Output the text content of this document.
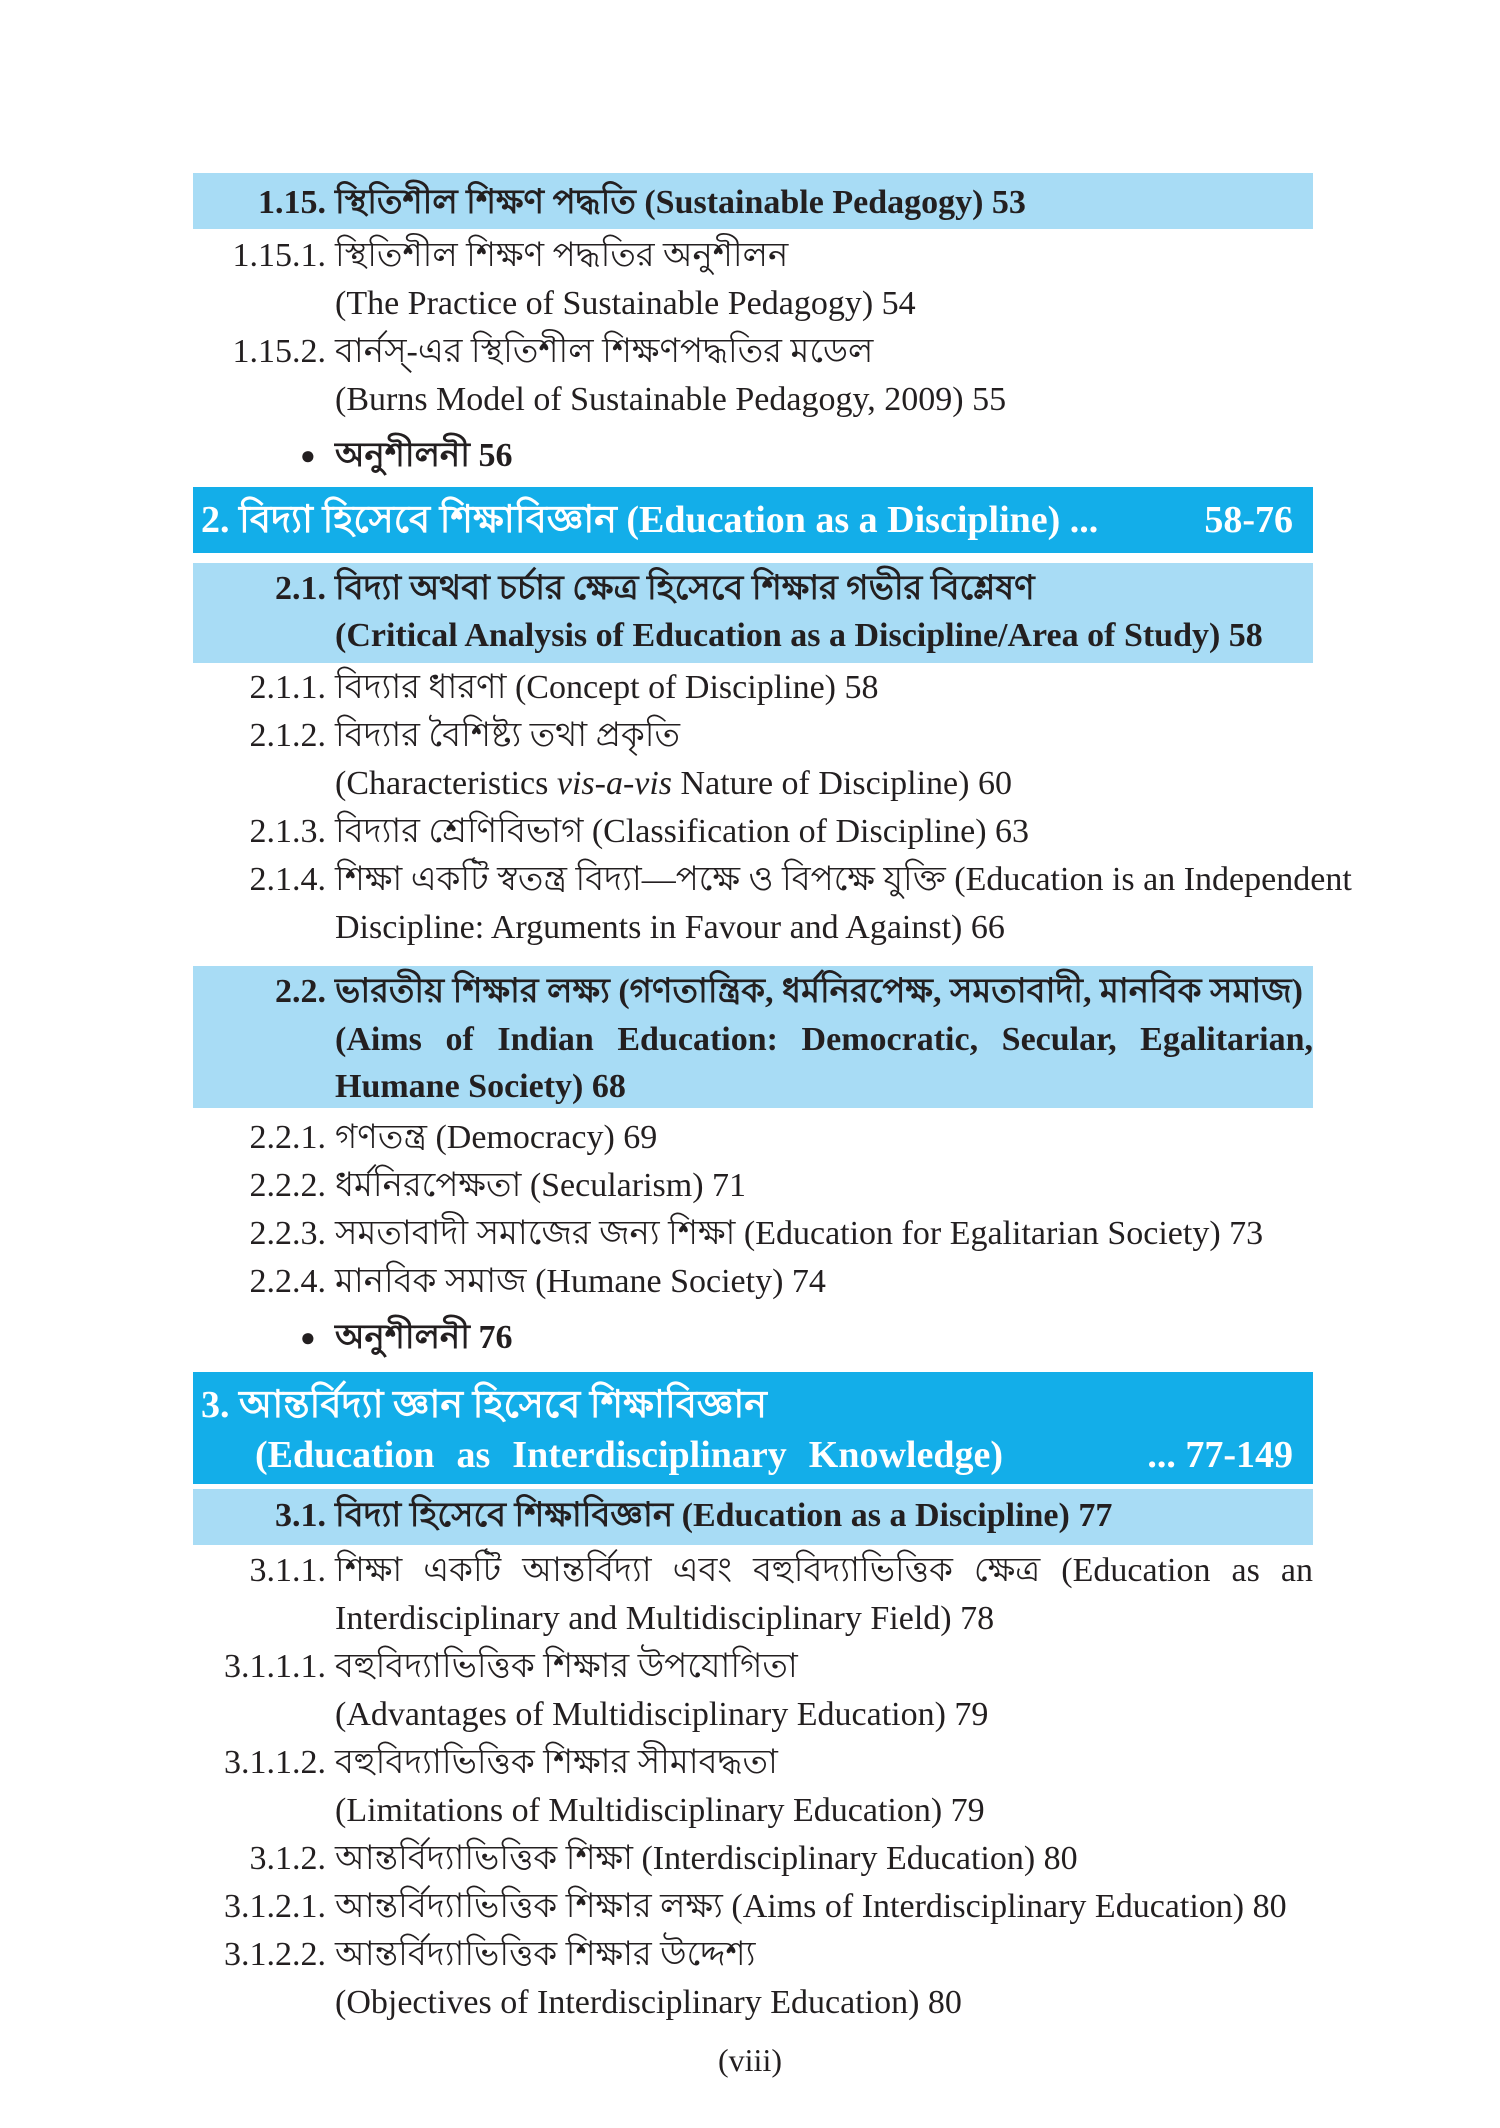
1.15. স্থিতিশীল শিক্ষণ পদ্ধতি (Sustainable Pedagogy) 53
1.15.1. স্থিতিশীল শিক্ষণ পদ্ধতির অনুশীলন
(The Practice of Sustainable Pedagogy) 54
1.15.2. বার্নস্-এর স্থিতিশীল শিক্ষণপদ্ধতির মডেল
(Burns Model of Sustainable Pedagogy, 2009) 55
● অনুশীলনী 56
2. বিদ্যা হিসেবে শিক্ষাবিজ্ঞান (Education as a Discipline) ...	58-76
2.1. বিদ্যা অথবা চর্চার ক্ষেত্র হিসেবে শিক্ষার গভীর বিশ্লেষণ
(Critical Analysis of Education as a Discipline/Area of Study) 58
2.1.1. বিদ্যার ধারণা (Concept of Discipline) 58
2.1.2. বিদ্যার বৈশিষ্ট্য তথা প্রকৃতি
(Characteristics vis-a-vis Nature of Discipline) 60
2.1.3. বিদ্যার শ্রেণিবিভাগ (Classification of Discipline) 63
2.1.4. শিক্ষা একটি স্বতন্ত্র বিদ্যা—পক্ষে ও বিপক্ষে যুক্তি (Education is an Independent
Discipline: Arguments in Favour and Against) 66
2.2. ভারতীয় শিক্ষার লক্ষ্য (গণতান্ত্রিক, ধর্মনিরপেক্ষ, সমতাবাদী, মানবিক সমাজ)
(Aims of Indian Education: Democratic, Secular, Egalitarian,
Humane Society) 68
2.2.1. গণতন্ত্র (Democracy) 69
2.2.2. ধর্মনিরপেক্ষতা (Secularism) 71
2.2.3. সমতাবাদী সমাজের জন্য শিক্ষা (Education for Egalitarian Society) 73
2.2.4. মানবিক সমাজ (Humane Society) 74
● অনুশীলনী 76
3. আন্তর্বিদ্যা জ্ঞান হিসেবে শিক্ষাবিজ্ঞান
(Education as Interdisciplinary Knowledge)	... 77-149
3.1. বিদ্যা হিসেবে শিক্ষাবিজ্ঞান (Education as a Discipline) 77
3.1.1. শিক্ষা একটি আন্তর্বিদ্যা এবং বহুবিদ্যাভিত্তিক ক্ষেত্র (Education as an
Interdisciplinary and Multidisciplinary Field) 78
3.1.1.1. বহুবিদ্যাভিত্তিক শিক্ষার উপযোগিতা
(Advantages of Multidisciplinary Education) 79
3.1.1.2. বহুবিদ্যাভিত্তিক শিক্ষার সীমাবদ্ধতা
(Limitations of Multidisciplinary Education) 79
3.1.2. আন্তর্বিদ্যাভিত্তিক শিক্ষা (Interdisciplinary Education) 80
3.1.2.1. আন্তর্বিদ্যাভিত্তিক শিক্ষার লক্ষ্য (Aims of Interdisciplinary Education) 80
3.1.2.2. আন্তর্বিদ্যাভিত্তিক শিক্ষার উদ্দেশ্য
(Objectives of Interdisciplinary Education) 80
(viii)
